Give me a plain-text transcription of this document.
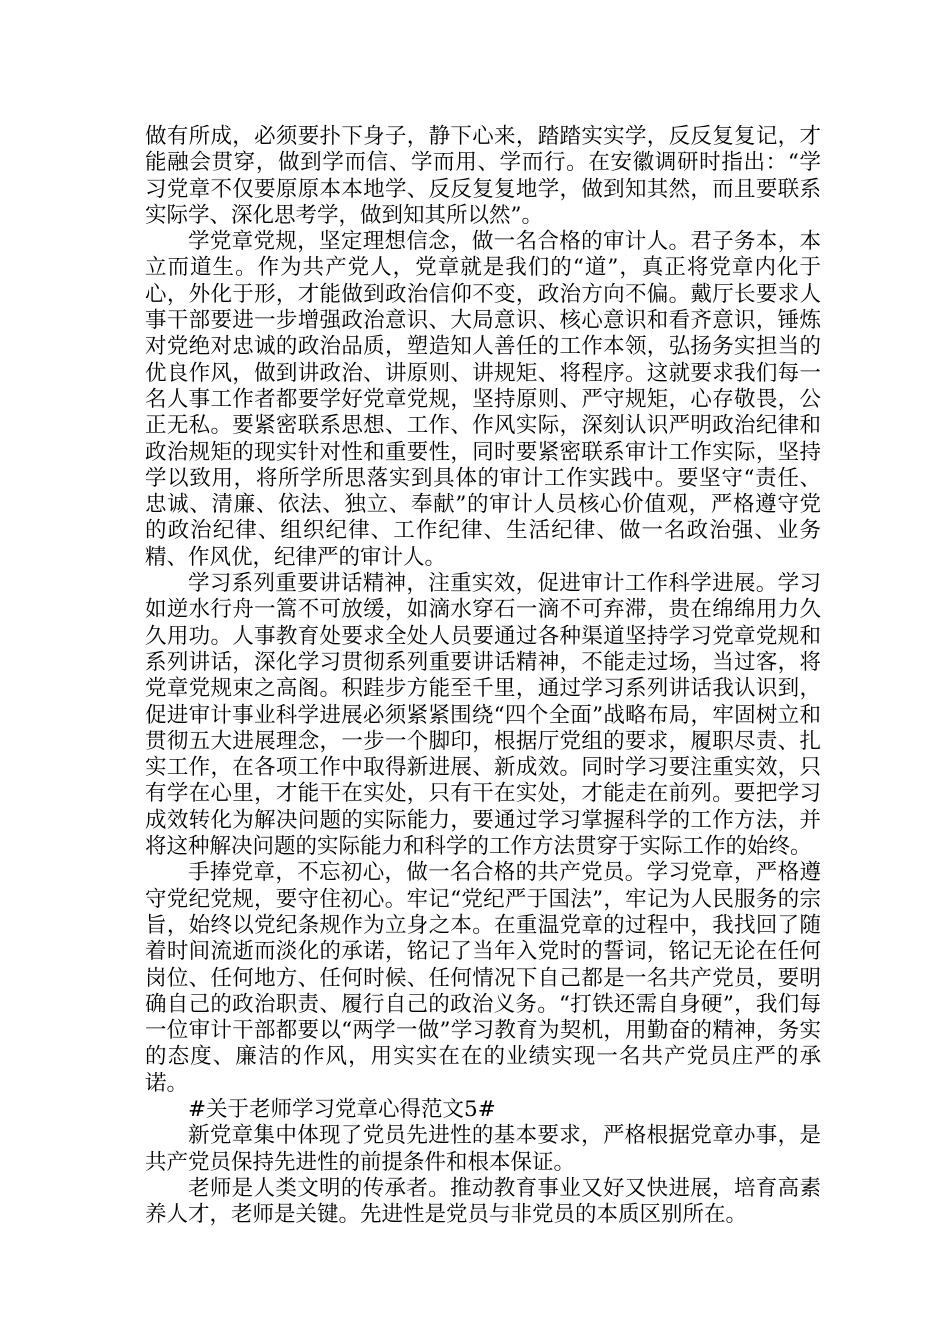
做有所成，必须要扑下身子，静下心来，踏踏实实学，反反复复记，才能融会贯穿，做到学而信、学而用、学而行。在安徽调研时指出：“学习党章不仅要原原本本地学、反反复复地学，做到知其然，而且要联系实际学、深化思考学，做到知其所以然”。

学党章党规，坚定理想信念，做一名合格的审计人。君子务本，本立而道生。作为共产党人，党章就是我们的“道”，真正将党章内化于心，外化于形，才能做到政治信仰不变，政治方向不偏。戴厅长要求人事干部要进一步增强政治意识、大局意识、核心意识和看齐意识，锤炼对党绝对忠诚的政治品质，塑造知人善任的工作本领，弘扬务实担当的优良作风，做到讲政治、讲原则、讲规矩、将程序。这就要求我们每一名人事工作者都要学好党章党规，坚持原则、严守规矩，心存敬畏，公正无私。要紧密联系思想、工作、作风实际，深刻认识严明政治纪律和政治规矩的现实针对性和重要性，同时要紧密联系审计工作实际，坚持学以致用，将所学所思落实到具体的审计工作实践中。要坚守“责任、忠诚、清廉、依法、独立、奉献”的审计人员核心价值观，严格遵守党的政治纪律、组织纪律、工作纪律、生活纪律、做一名政治强、业务精、作风优，纪律严的审计人。

学习系列重要讲话精神，注重实效，促进审计工作科学进展。学习如逆水行舟一篙不可放缓，如滴水穿石一滴不可弃滞，贵在绵绵用力久久用功。人事教育处要求全处人员要通过各种渠道坚持学习党章党规和系列讲话，深化学习贯彻系列重要讲话精神，不能走过场，当过客，将党章党规束之高阁。积跬步方能至千里，通过学习系列讲话我认识到，促进审计事业科学进展必须紧紧围绕“四个全面”战略布局，牢固树立和贯彻五大进展理念，一步一个脚印，根据厅党组的要求，履职尽责、扎实工作，在各项工作中取得新进展、新成效。同时学习要注重实效，只有学在心里，才能干在实处，只有干在实处，才能走在前列。要把学习成效转化为解决问题的实际能力，要通过学习掌握科学的工作方法，并将这种解决问题的实际能力和科学的工作方法贯穿于实际工作的始终。

手捧党章，不忘初心，做一名合格的共产党员。学习党章，严格遵守党纪党规，要守住初心。牢记“党纪严于国法”，牢记为人民服务的宗旨，始终以党纪条规作为立身之本。在重温党章的过程中，我找回了随着时间流逝而淡化的承诺，铭记了当年入党时的誓词，铭记无论在任何岗位、任何地方、任何时候、任何情况下自己都是一名共产党员，要明确自己的政治职责、履行自己的政治义务。“打铁还需自身硬”，我们每一位审计干部都要以“两学一做”学习教育为契机，用勤奋的精神，务实的态度、廉洁的作风，用实实在在的业绩实现一名共产党员庄严的承诺。

#关于老师学习党章心得范文5#

新党章集中体现了党员先进性的基本要求，严格根据党章办事，是共产党员保持先进性的前提条件和根本保证。

老师是人类文明的传承者。推动教育事业又好又快进展，培育高素养人才，老师是关键。先进性是党员与非党员的本质区别所在。
